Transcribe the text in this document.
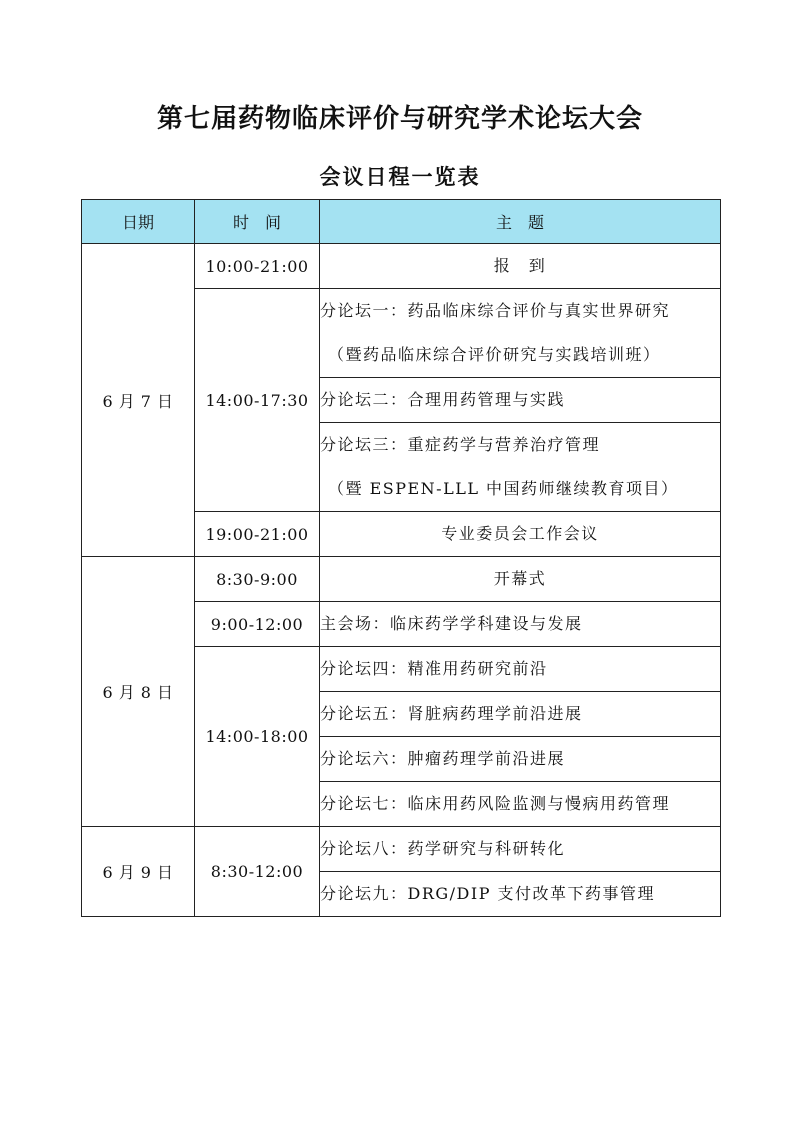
第七届药物临床评价与研究学术论坛大会
会议日程一览表
日期	时　间	主　题
6 月 7 日	10:00-21:00	报　到

	14:00-17:30	分论坛一：药品临床综合评价与真实世界研究
（暨药品临床综合评价研究与实践培训班）

		分论坛二：合理用药管理与实践

		分论坛三：重症药学与营养治疗管理
（暨 ESPEN-LLL 中国药师继续教育项目）

	19:00-21:00	专业委员会工作会议

6 月 8 日	8:30-9:00	开幕式

	9:00-12:00	主会场：临床药学学科建设与发展

	14:00-18:00	分论坛四：精准用药研究前沿

		分论坛五：肾脏病药理学前沿进展

		分论坛六：肿瘤药理学前沿进展

		分论坛七：临床用药风险监测与慢病用药管理

6 月 9 日	8:30-12:00	分论坛八：药学研究与科研转化

		分论坛九：DRG/DIP 支付改革下药事管理
